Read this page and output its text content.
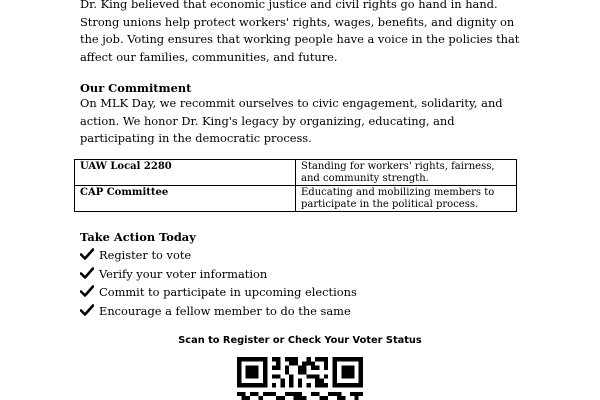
Dr. King believed that economic justice and civil rights go hand in hand. Strong unions help protect workers' rights, wages, benefits, and dignity on the job. Voting ensures that working people have a voice in the policies that affect our families, communities, and future.

Our Commitment

On MLK Day, we recommit ourselves to civic engagement, solidarity, and action. We honor Dr. King's legacy by organizing, educating, and participating in the democratic process.

UAW Local 2280	Standing for workers' rights, fairness, and community strength.
CAP Committee	Educating and mobilizing members to participate in the political process.

Take Action Today

Register to vote
Verify your voter information
Commit to participate in upcoming elections
Encourage a fellow member to do the same

Scan to Register or Check Your Voter Status
